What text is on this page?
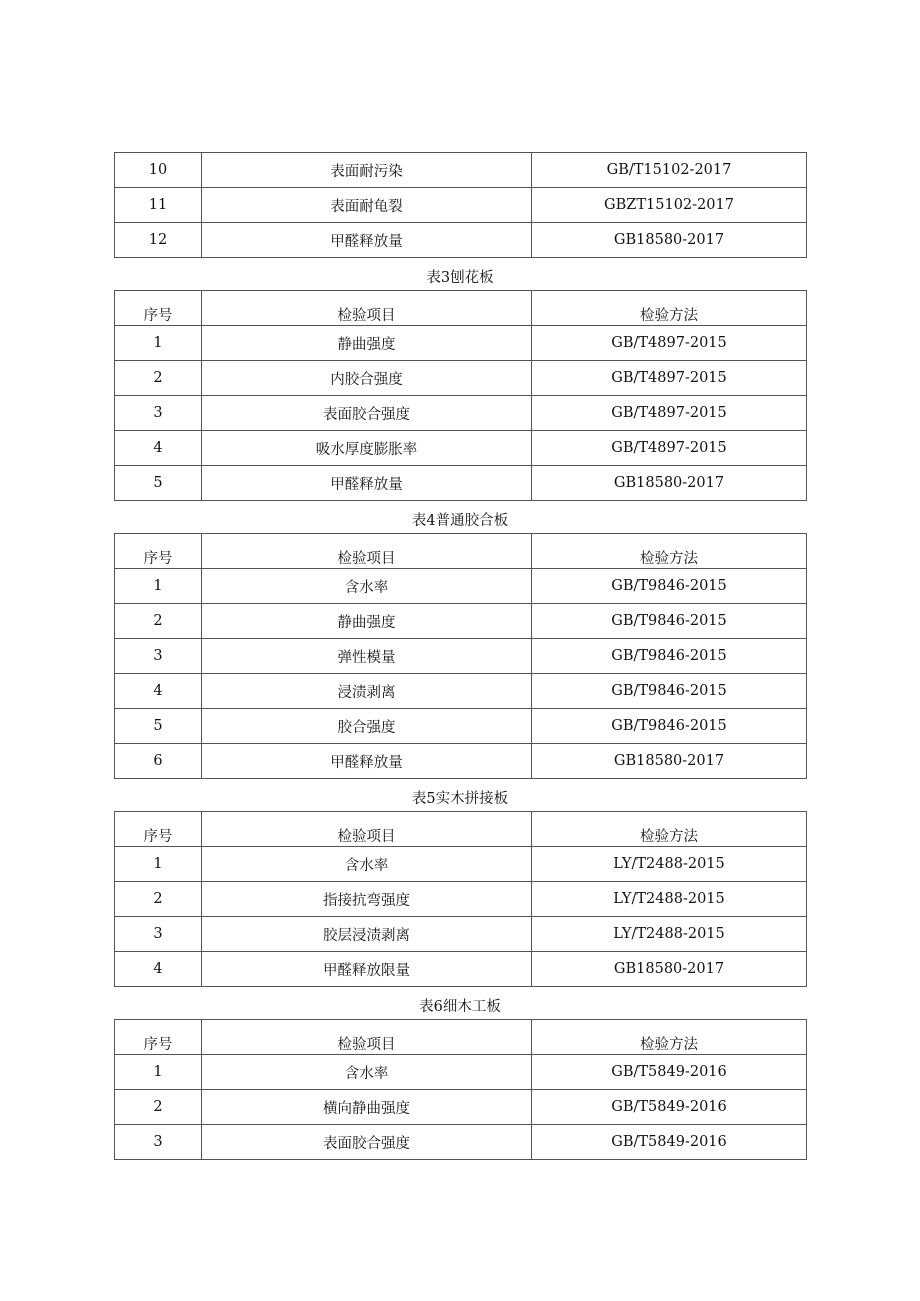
10	表面耐污染	GB/T15102-2017
11	表面耐龟裂	GBZT15102-2017
12	甲醛释放量	GB18580-2017
表3刨花板
序号	检验项目	检验方法
1	静曲强度	GB/T4897-2015
2	内胶合强度	GB/T4897-2015
3	表面胶合强度	GB/T4897-2015
4	吸水厚度膨胀率	GB/T4897-2015
5	甲醛释放量	GB18580-2017
表4普通胶合板
序号	检验项目	检验方法
1	含水率	GB/T9846-2015
2	静曲强度	GB/T9846-2015
3	弹性模量	GB/T9846-2015
4	浸渍剥离	GB/T9846-2015
5	胶合强度	GB/T9846-2015
6	甲醛释放量	GB18580-2017
表5实木拼接板
序号	检验项目	检验方法
1	含水率	LY/T2488-2015
2	指接抗弯强度	LY/T2488-2015
3	胶层浸渍剥离	LY/T2488-2015
4	甲醛释放限量	GB18580-2017
表6细木工板
序号	检验项目	检验方法
1	含水率	GB/T5849-2016
2	横向静曲强度	GB/T5849-2016
3	表面胶合强度	GB/T5849-2016
